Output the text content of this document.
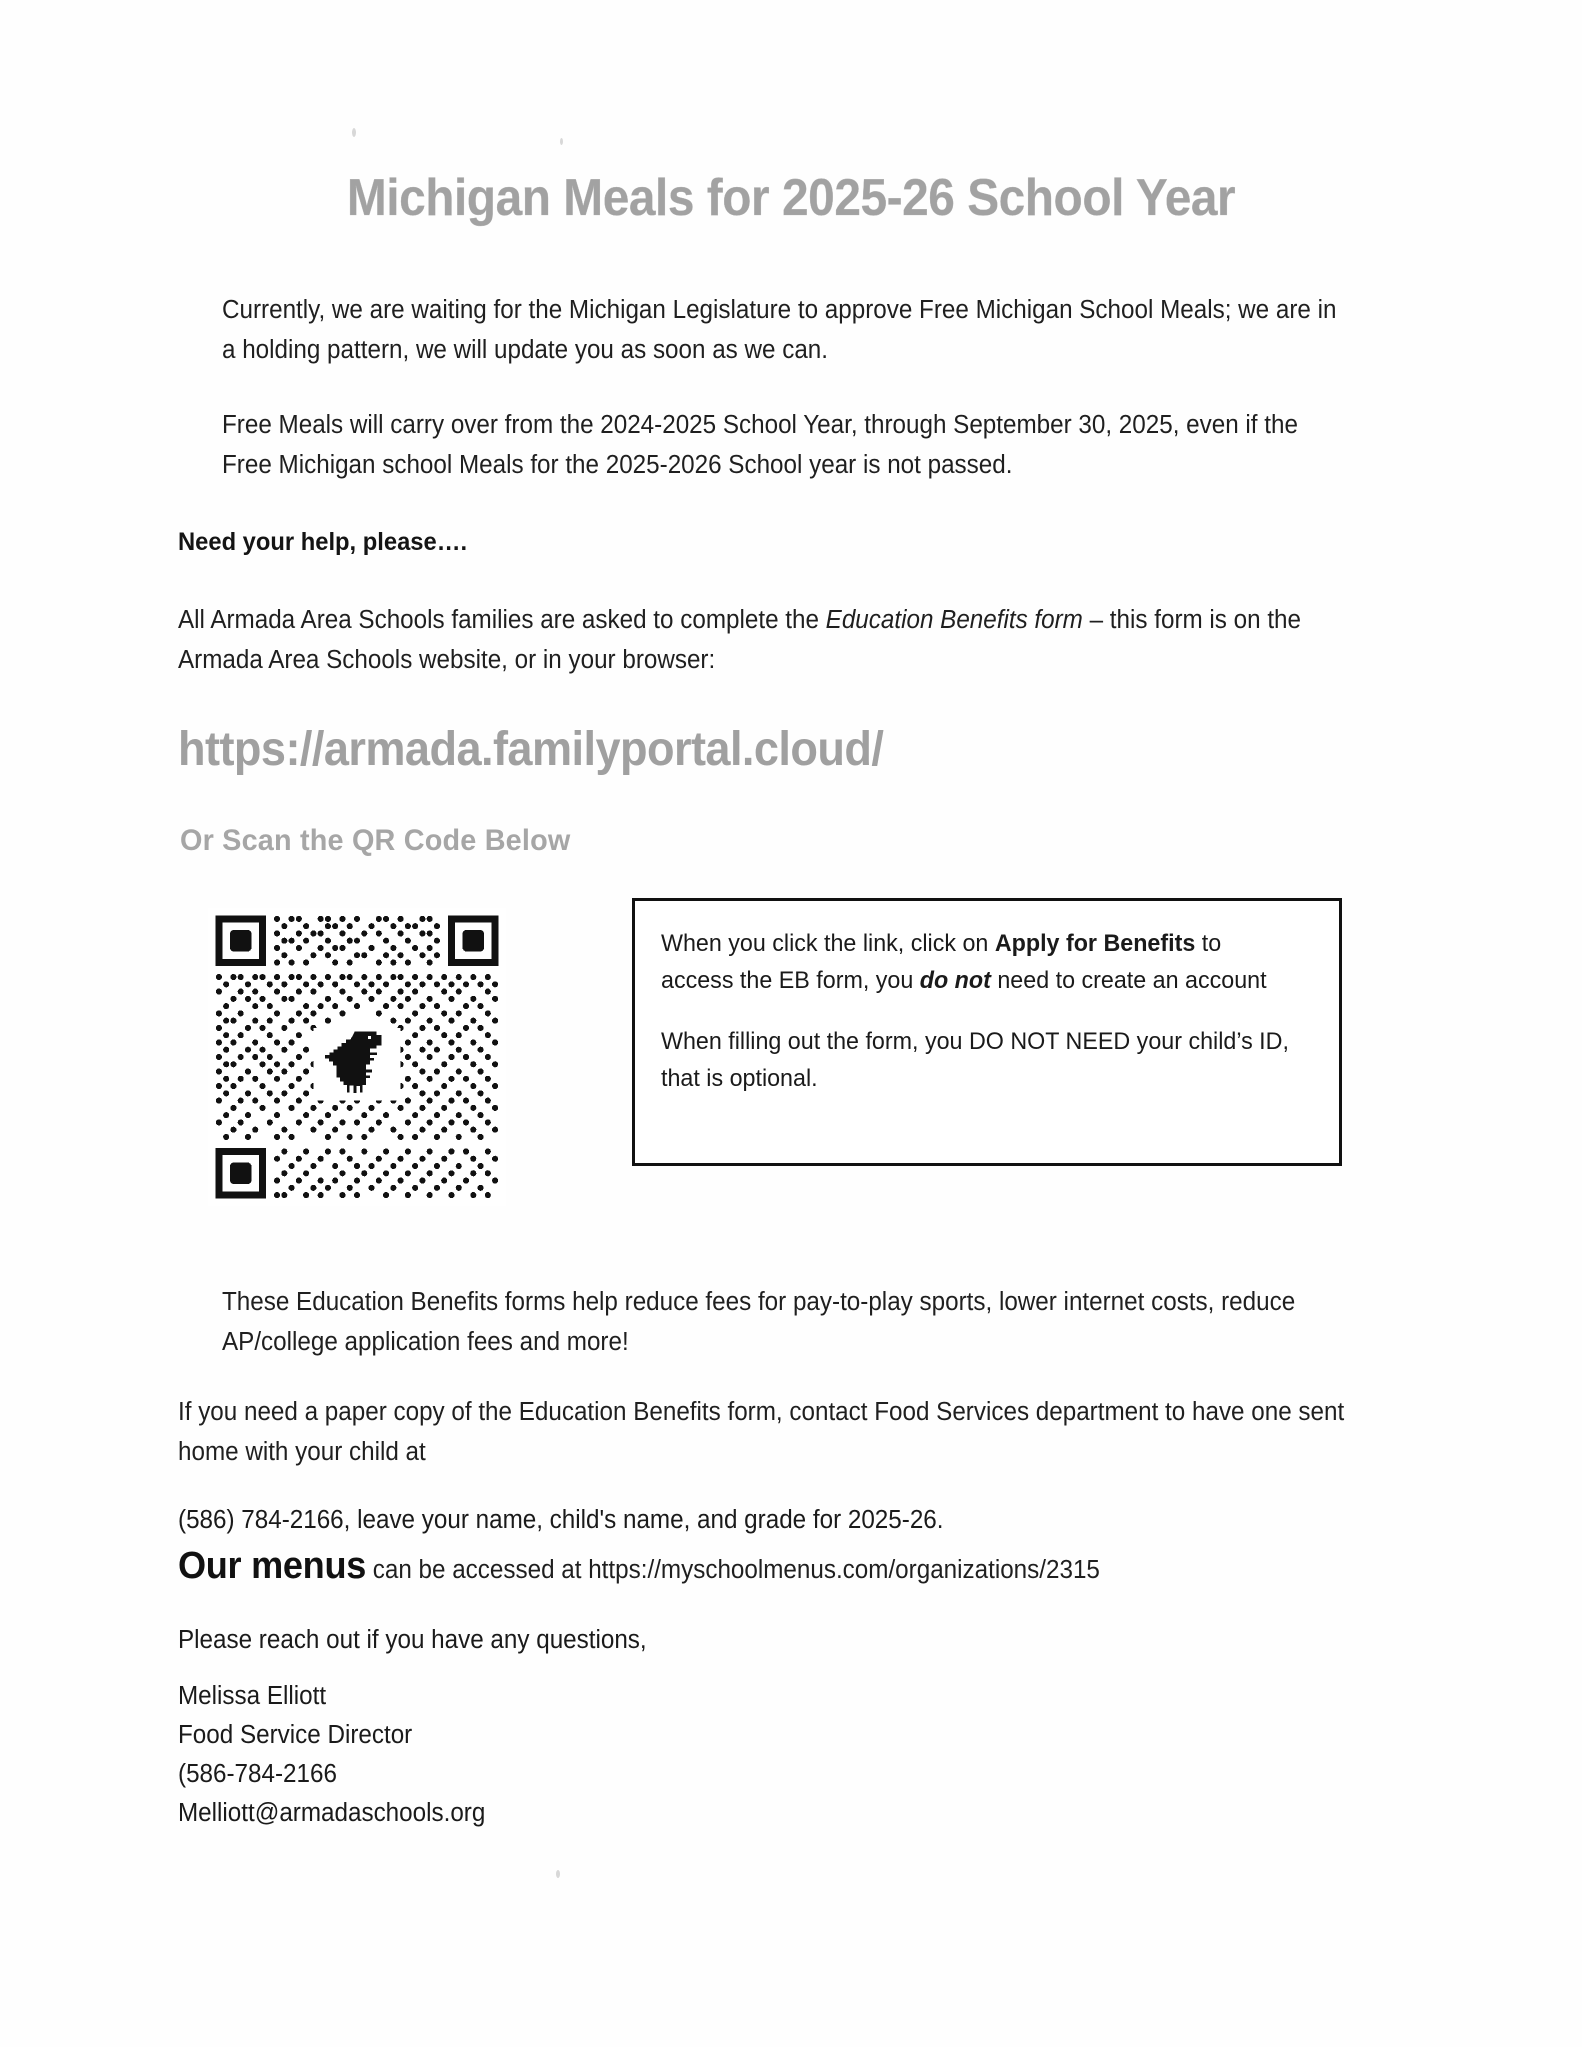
Michigan Meals for 2025-26 School Year
Currently, we are waiting for the Michigan Legislature to approve Free Michigan School Meals; we are in a holding pattern, we will update you as soon as we can.
Free Meals will carry over from the 2024-2025 School Year, through September 30, 2025, even if the Free Michigan school Meals for the 2025-2026 School year is not passed.
Need your help, please….
All Armada Area Schools families are asked to complete the Education Benefits form – this form is on the Armada Area Schools website, or in your browser:
https://armada.familyportal.cloud/
Or Scan the QR Code Below

When you click the link, click on Apply for Benefits to access the EB form, you do not need to create an account

When filling out the form, you DO NOT NEED your child’s ID, that is optional.

These Education Benefits forms help reduce fees for pay-to-play sports, lower internet costs, reduce AP/college application fees and more!
If you need a paper copy of the Education Benefits form, contact Food Services department to have one sent home with your child at
(586) 784-2166, leave your name, child's name, and grade for 2025-26.
Our menus can be accessed at https://myschoolmenus.com/organizations/2315
Please reach out if you have any questions,
Melissa Elliott
Food Service Director
(586-784-2166
Melliott@armadaschools.org
